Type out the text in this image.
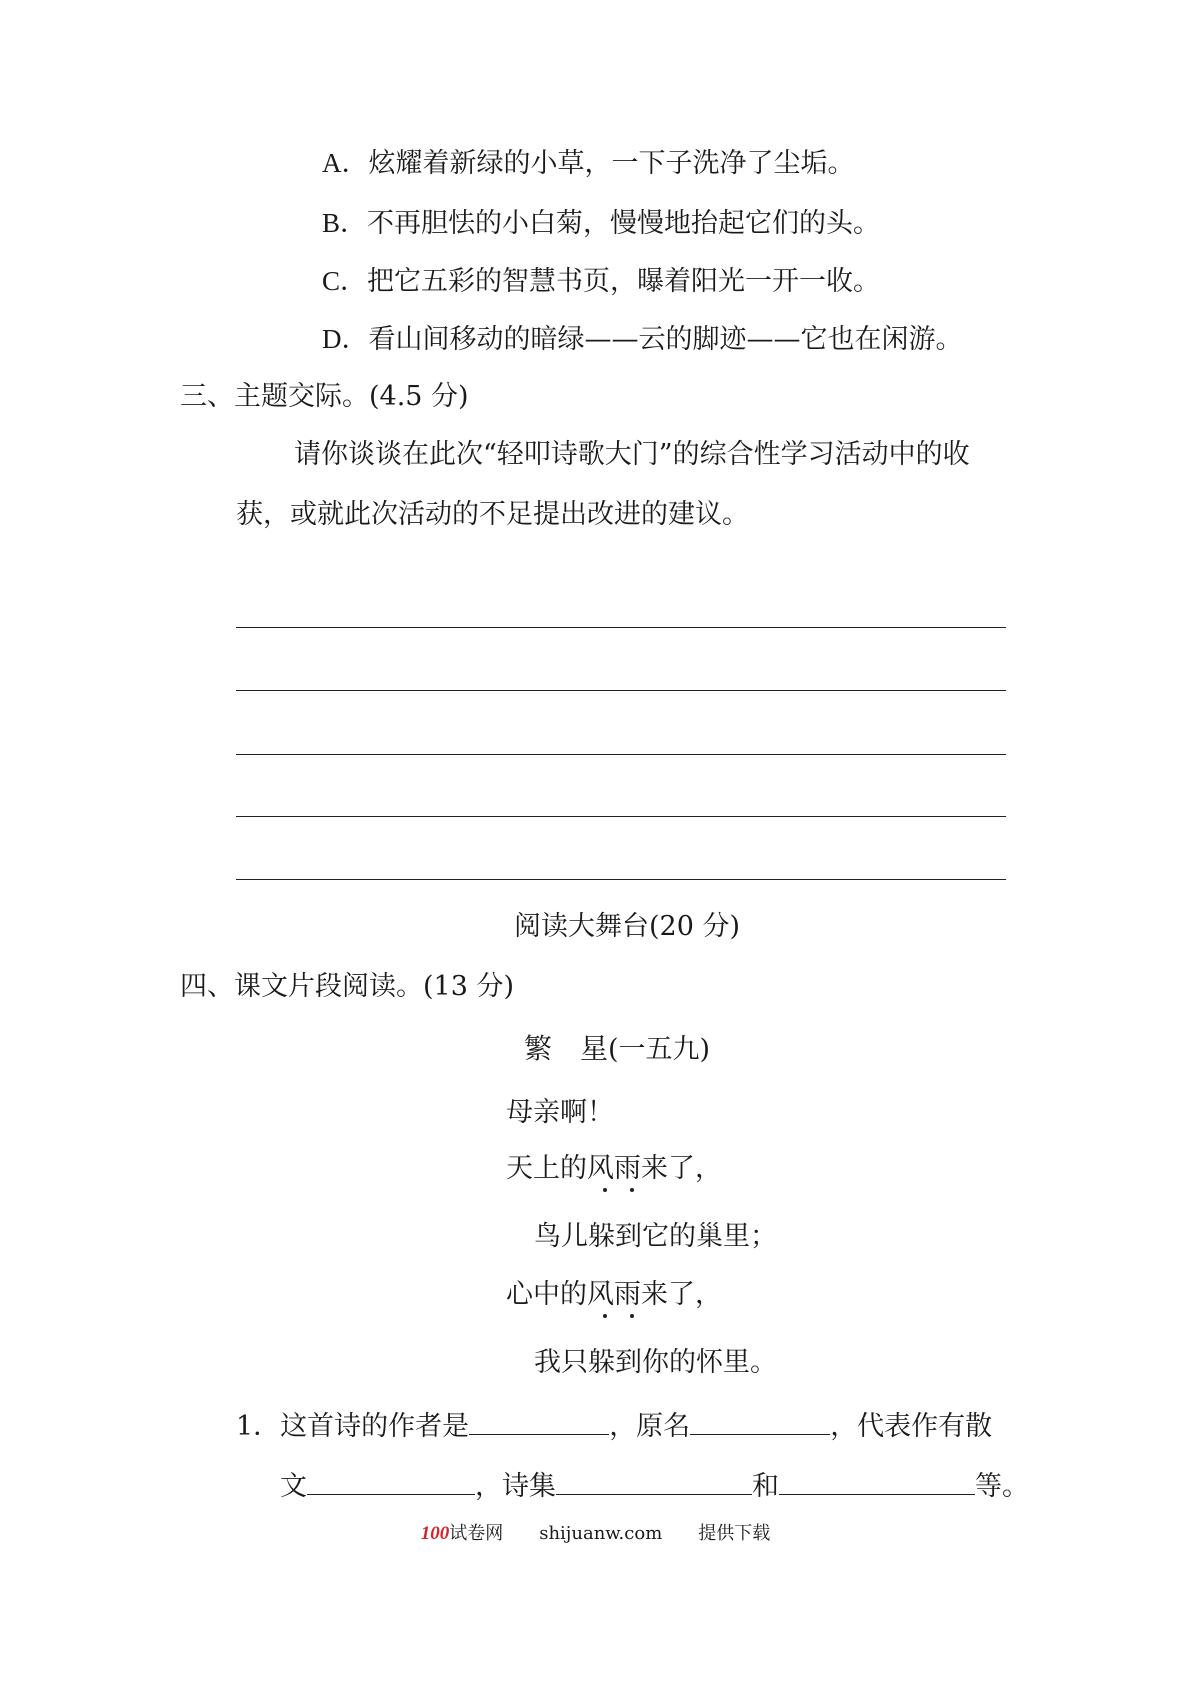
A．炫耀着新绿的小草，一下子洗净了尘垢。
B．不再胆怯的小白菊，慢慢地抬起它们的头。
C．把它五彩的智慧书页，曝着阳光一开一收。
D．看山间移动的暗绿——云的脚迹——它也在闲游。
三、主题交际。(4.5 分)
请你谈谈在此次“轻叩诗歌大门”的综合性学习活动中的收
获，或就此次活动的不足提出改进的建议。
阅读大舞台(20 分)
四、课文片段阅读。(13 分)
繁　星(一五九)
母亲啊！
天上的风雨来了，
鸟儿躲到它的巢里；
心中的风雨来了，
我只躲到你的怀里。
1．这首诗的作者是	，原名	，代表作有散
文	，诗集	和	等。
100试卷网 shijuanw.com 提供下载
